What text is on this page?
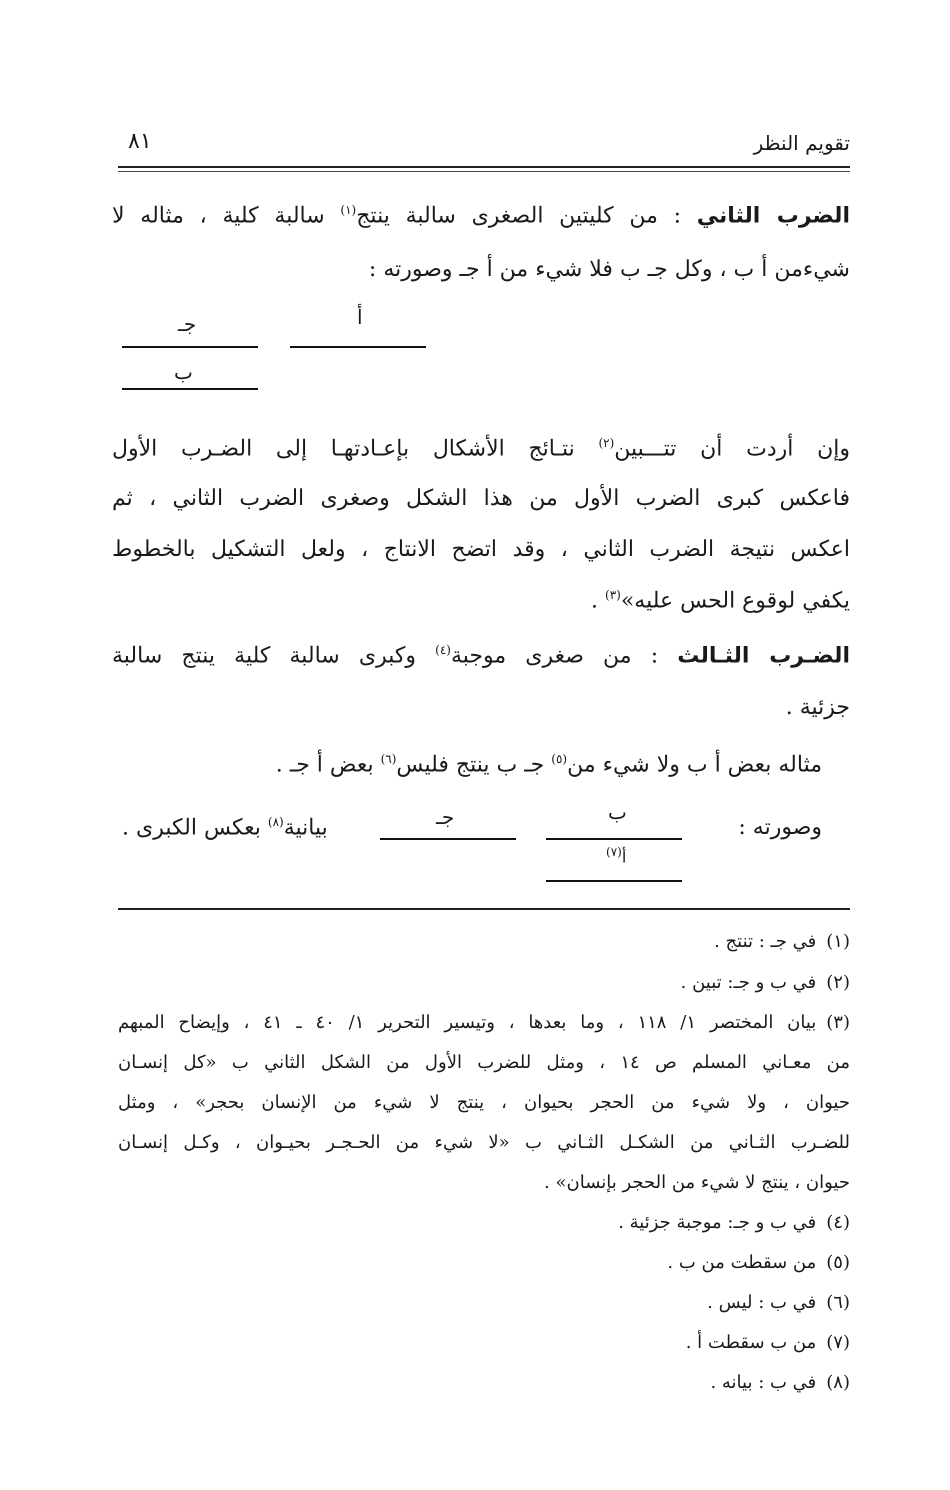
تقويم النظر
٨١
الضرب الثاني : من كليتين الصغرى سالبة ينتج$^{(١)}$ سالبة كلية ، مثاله لا
شيءمن أ ب ، وكل جـ ب فلا شيء من أ جـ وصورته :
أ
جـ
ب
وإن أردت أن تتـــبين$^{(٢)}$ نتـائج الأشكال بإعـادتهـا إلى الضـرب الأول
فاعكس كبرى الضرب الأول من هذا الشكل وصغرى الضرب الثاني ، ثم
اعكس نتيجة الضرب الثاني ، وقد اتضح الانتاج ، ولعل التشكيل بالخطوط
يكفي لوقوع الحس عليه»$^{(٣)}$ .
الضـرب الثـالث : من صغرى موجبة$^{(٤)}$ وكبرى سالبة كلية ينتج سالبة
جزئية .
مثاله بعض أ ب ولا شيء من$^{(٥)}$ جـ ب ينتج فليس$^{(٦)}$ بعض أ جـ .
وصورته :
بيانية$^{(٨)}$ بعكس الكبرى .
ب
جـ
أ$^{(٧)}$
(١)في جـ : تنتج .
(٢)في ب و جـ: تبين .
(٣)بيان المختصر ١/ ١١٨ ، وما بعدها ، وتيسير التحرير ١/ ٤٠ ـ ٤١ ، وإيضاح المبهم
من معـاني المسلم ص ١٤ ، ومثل للضرب الأول من الشكل الثاني ب «كل إنسـان
حيوان ، ولا شيء من الحجر بحيوان ، ينتج لا شيء من الإنسان بحجر» ، ومثل
للضـرب الثـاني من الشكـل الثـاني ب «لا شيء من الحـجـر بحيـوان ، وكـل إنسـان
حيوان ، ينتج لا شيء من الحجر بإنسان» .
(٤)في ب و جـ: موجبة جزئية .
(٥)من سقطت من ب .
(٦)في ب : ليس .
(٧)من ب سقطت أ .
(٨)في ب : بيانه .
